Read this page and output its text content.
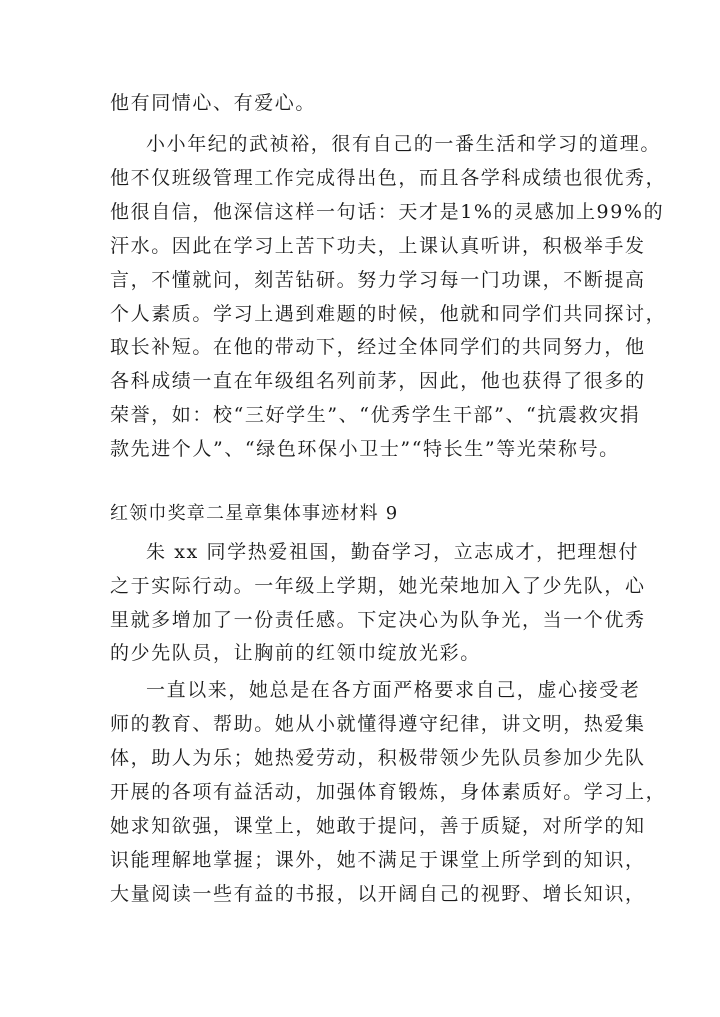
他有同情心、有爱心。
小小年纪的武祯裕，很有自己的一番生活和学习的道理。
他不仅班级管理工作完成得出色，而且各学科成绩也很优秀，
他很自信，他深信这样一句话：天才是1%的灵感加上99%的
汗水。因此在学习上苦下功夫，上课认真听讲，积极举手发
言，不懂就问，刻苦钻研。努力学习每一门功课，不断提高
个人素质。学习上遇到难题的时候，他就和同学们共同探讨，
取长补短。在他的带动下，经过全体同学们的共同努力，他
各科成绩一直在年级组名列前茅，因此，他也获得了很多的
荣誉，如：校“三好学生”、“优秀学生干部”、“抗震救灾捐
款先进个人”、“绿色环保小卫士”“特长生”等光荣称号。
红领巾奖章二星章集体事迹材料 9
朱 xx 同学热爱祖国，勤奋学习，立志成才，把理想付
之于实际行动。一年级上学期，她光荣地加入了少先队，心
里就多增加了一份责任感。下定决心为队争光，当一个优秀
的少先队员，让胸前的红领巾绽放光彩。
一直以来，她总是在各方面严格要求自己，虚心接受老
师的教育、帮助。她从小就懂得遵守纪律，讲文明，热爱集
体，助人为乐；她热爱劳动，积极带领少先队员参加少先队
开展的各项有益活动，加强体育锻炼，身体素质好。学习上，
她求知欲强，课堂上，她敢于提问，善于质疑，对所学的知
识能理解地掌握；课外，她不满足于课堂上所学到的知识，
大量阅读一些有益的书报，以开阔自己的视野、增长知识，
